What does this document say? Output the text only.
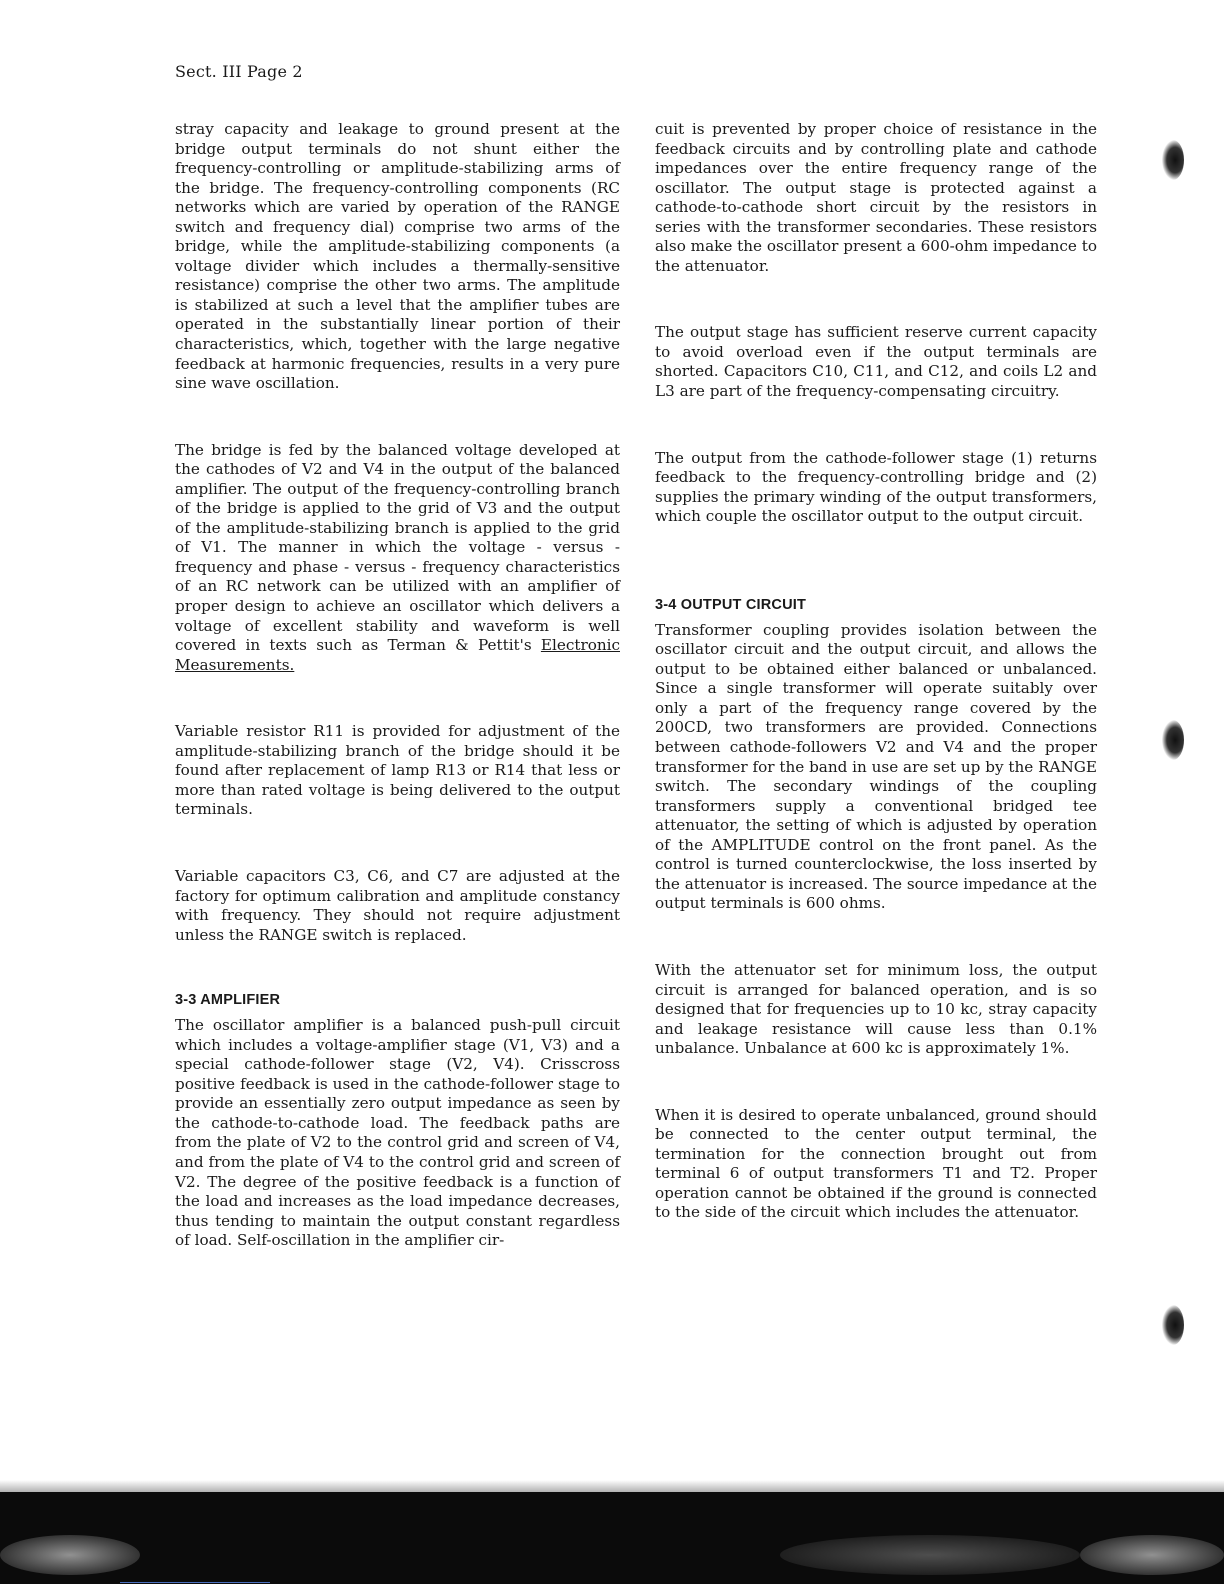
Sect. III Page 2

stray capacity and leakage to ground present at the bridge output terminals do not shunt either the frequency-controlling or amplitude-stabilizing arms of the bridge. The frequency-controlling components (RC networks which are varied by operation of the RANGE switch and frequency dial) comprise two arms of the bridge, while the amplitude-stabilizing components (a voltage divider which includes a thermally-sensitive resistance) comprise the other two arms. The amplitude is stabilized at such a level that the amplifier tubes are operated in the substantially linear portion of their characteristics, which, together with the large negative feedback at harmonic frequencies, results in a very pure sine wave oscillation.

The bridge is fed by the balanced voltage developed at the cathodes of V2 and V4 in the output of the balanced amplifier. The output of the frequency-controlling branch of the bridge is applied to the grid of V3 and the output of the amplitude-stabilizing branch is applied to the grid of V1. The manner in which the voltage - versus - frequency and phase - versus - frequency characteristics of an RC network can be utilized with an amplifier of proper design to achieve an oscillator which delivers a voltage of excellent stability and waveform is well covered in texts such as Terman & Pettit's Electronic Measurements.

Variable resistor R11 is provided for adjustment of the amplitude-stabilizing branch of the bridge should it be found after replacement of lamp R13 or R14 that less or more than rated voltage is being delivered to the output terminals.

Variable capacitors C3, C6, and C7 are adjusted at the factory for optimum calibration and amplitude constancy with frequency. They should not require adjustment unless the RANGE switch is replaced.

3-3 AMPLIFIER

The oscillator amplifier is a balanced push-pull circuit which includes a voltage-amplifier stage (V1, V3) and a special cathode-follower stage (V2, V4). Crisscross positive feedback is used in the cathode-follower stage to provide an essentially zero output impedance as seen by the cathode-to-cathode load. The feedback paths are from the plate of V2 to the control grid and screen of V4, and from the plate of V4 to the control grid and screen of V2. The degree of the positive feedback is a function of the load and increases as the load impedance decreases, thus tending to maintain the output constant regardless of load. Self-oscillation in the amplifier cir-

cuit is prevented by proper choice of resistance in the feedback circuits and by controlling plate and cathode impedances over the entire frequency range of the oscillator. The output stage is protected against a cathode-to-cathode short circuit by the resistors in series with the transformer secondaries. These resistors also make the oscillator present a 600-ohm impedance to the attenuator.

The output stage has sufficient reserve current capacity to avoid overload even if the output terminals are shorted. Capacitors C10, C11, and C12, and coils L2 and L3 are part of the frequency-compensating circuitry.

The output from the cathode-follower stage (1) returns feedback to the frequency-controlling bridge and (2) supplies the primary winding of the output transformers, which couple the oscillator output to the output circuit.

3-4 OUTPUT CIRCUIT

Transformer coupling provides isolation between the oscillator circuit and the output circuit, and allows the output to be obtained either balanced or unbalanced. Since a single transformer will operate suitably over only a part of the frequency range covered by the 200CD, two transformers are provided. Connections between cathode-followers V2 and V4 and the proper transformer for the band in use are set up by the RANGE switch. The secondary windings of the coupling transformers supply a conventional bridged tee attenuator, the setting of which is adjusted by operation of the AMPLITUDE control on the front panel. As the control is turned counterclockwise, the loss inserted by the attenuator is increased. The source impedance at the output terminals is 600 ohms.

With the attenuator set for minimum loss, the output circuit is arranged for balanced operation, and is so designed that for frequencies up to 10 kc, stray capacity and leakage resistance will cause less than 0.1% unbalance. Unbalance at 600 kc is approximately 1%.

When it is desired to operate unbalanced, ground should be connected to the center output terminal, the termination for the connection brought out from terminal 6 of output transformers T1 and T2. Proper operation cannot be obtained if the ground is connected to the side of the circuit which includes the attenuator.
